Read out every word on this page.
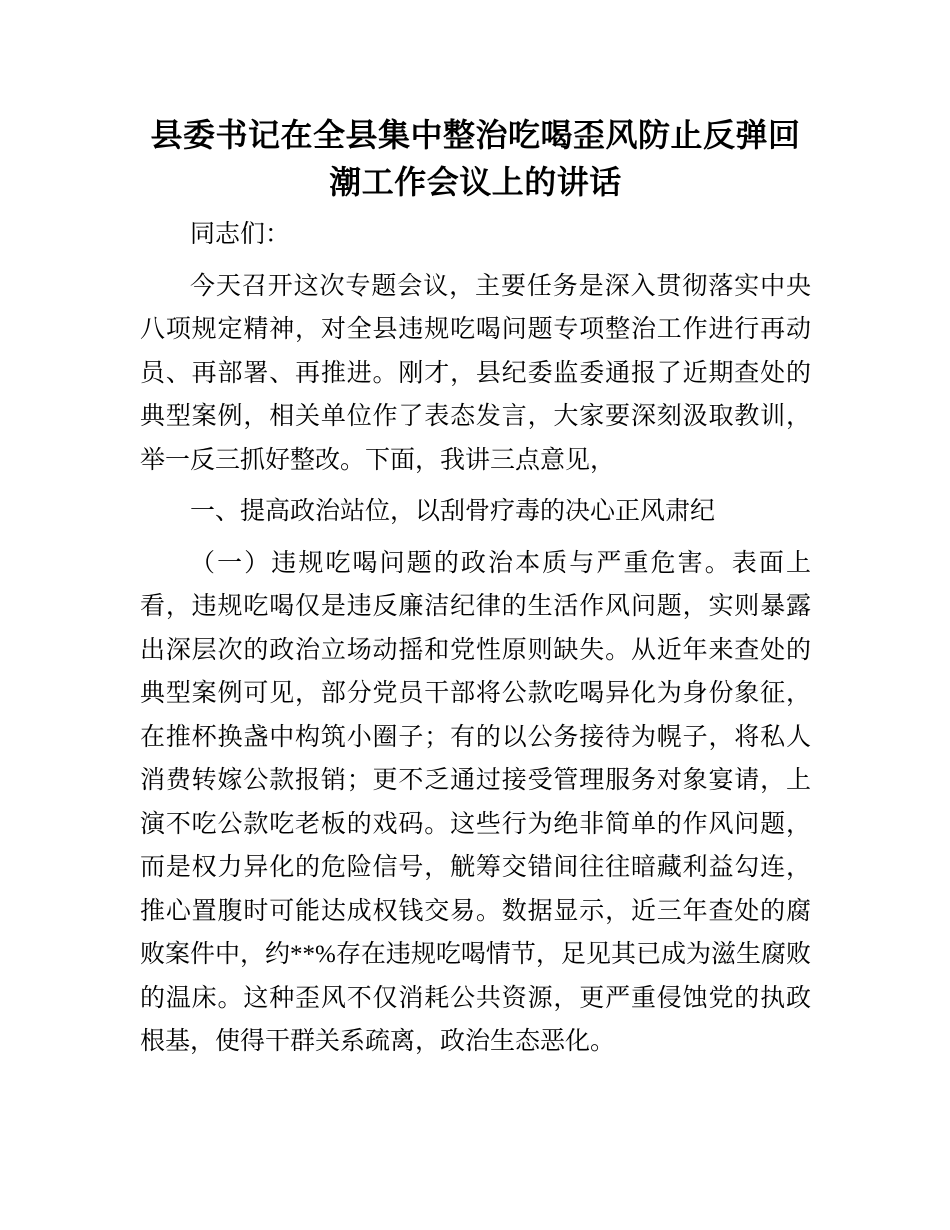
县委书记在全县集中整治吃喝歪风防止反弹回潮工作会议上的讲话

同志们：

今天召开这次专题会议，主要任务是深入贯彻落实中央八项规定精神，对全县违规吃喝问题专项整治工作进行再动员、再部署、再推进。刚才，县纪委监委通报了近期查处的典型案例，相关单位作了表态发言，大家要深刻汲取教训，举一反三抓好整改。下面，我讲三点意见，

一、提高政治站位，以刮骨疗毒的决心正风肃纪

（一）违规吃喝问题的政治本质与严重危害。表面上看，违规吃喝仅是违反廉洁纪律的生活作风问题，实则暴露出深层次的政治立场动摇和党性原则缺失。从近年来查处的典型案例可见，部分党员干部将公款吃喝异化为身份象征，在推杯换盏中构筑小圈子；有的以公务接待为幌子，将私人消费转嫁公款报销；更不乏通过接受管理服务对象宴请，上演不吃公款吃老板的戏码。这些行为绝非简单的作风问题，而是权力异化的危险信号，觥筹交错间往往暗藏利益勾连，推心置腹时可能达成权钱交易。数据显示，近三年查处的腐败案件中，约**%存在违规吃喝情节，足见其已成为滋生腐败的温床。这种歪风不仅消耗公共资源，更严重侵蚀党的执政根基，使得干群关系疏离，政治生态恶化。
